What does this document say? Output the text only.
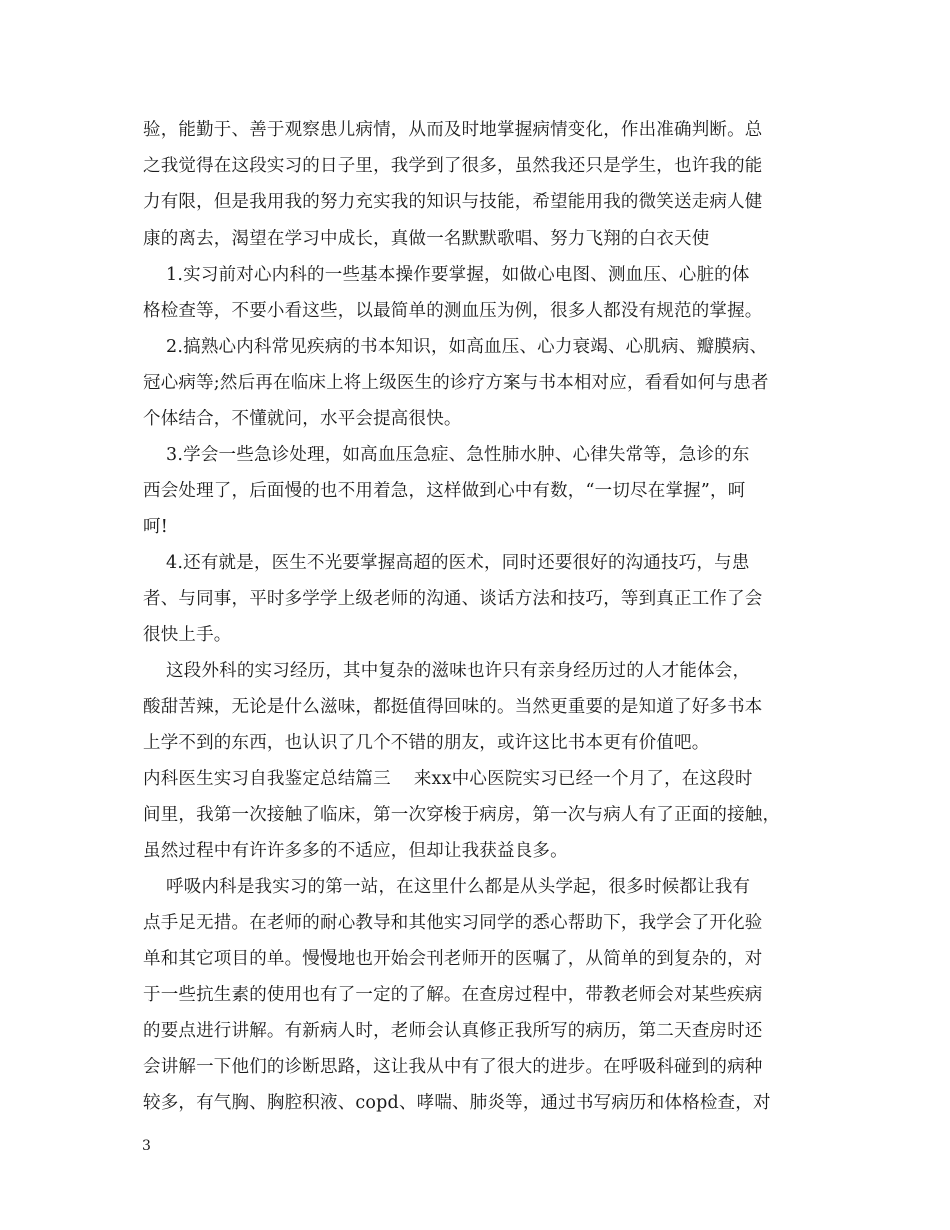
验，能勤于、善于观察患儿病情，从而及时地掌握病情变化，作出准确判断。总
之我觉得在这段实习的日子里，我学到了很多，虽然我还只是学生，也许我的能
力有限，但是我用我的努力充实我的知识与技能，希望能用我的微笑送走病人健
康的离去，渴望在学习中成长，真做一名默默歌唱、努力飞翔的白衣天使
1.实习前对心内科的一些基本操作要掌握，如做心电图、测血压、心脏的体
格检查等，不要小看这些，以最简单的测血压为例，很多人都没有规范的掌握。
2.搞熟心内科常见疾病的书本知识，如高血压、心力衰竭、心肌病、瓣膜病、
冠心病等;然后再在临床上将上级医生的诊疗方案与书本相对应，看看如何与患者
个体结合，不懂就问，水平会提高很快。
3.学会一些急诊处理，如高血压急症、急性肺水肿、心律失常等，急诊的东
西会处理了，后面慢的也不用着急，这样做到心中有数，“一切尽在掌握”，呵
呵!
4.还有就是，医生不光要掌握高超的医术，同时还要很好的沟通技巧，与患
者、与同事，平时多学学上级老师的沟通、谈话方法和技巧，等到真正工作了会
很快上手。
这段外科的实习经历，其中复杂的滋味也许只有亲身经历过的人才能体会，
酸甜苦辣，无论是什么滋味，都挺值得回味的。当然更重要的是知道了好多书本
上学不到的东西，也认识了几个不错的朋友，或许这比书本更有价值吧。
内科医生实习自我鉴定总结篇三    来xx中心医院实习已经一个月了，在这段时
间里，我第一次接触了临床，第一次穿梭于病房，第一次与病人有了正面的接触，
虽然过程中有许许多多的不适应，但却让我获益良多。
呼吸内科是我实习的第一站，在这里什么都是从头学起，很多时候都让我有
点手足无措。在老师的耐心教导和其他实习同学的悉心帮助下，我学会了开化验
单和其它项目的单。慢慢地也开始会刊老师开的医嘱了，从简单的到复杂的，对
于一些抗生素的使用也有了一定的了解。在查房过程中，带教老师会对某些疾病
的要点进行讲解。有新病人时，老师会认真修正我所写的病历，第二天查房时还
会讲解一下他们的诊断思路，这让我从中有了很大的进步。在呼吸科碰到的病种
较多，有气胸、胸腔积液、copd、哮喘、肺炎等，通过书写病历和体格检查，对
3
